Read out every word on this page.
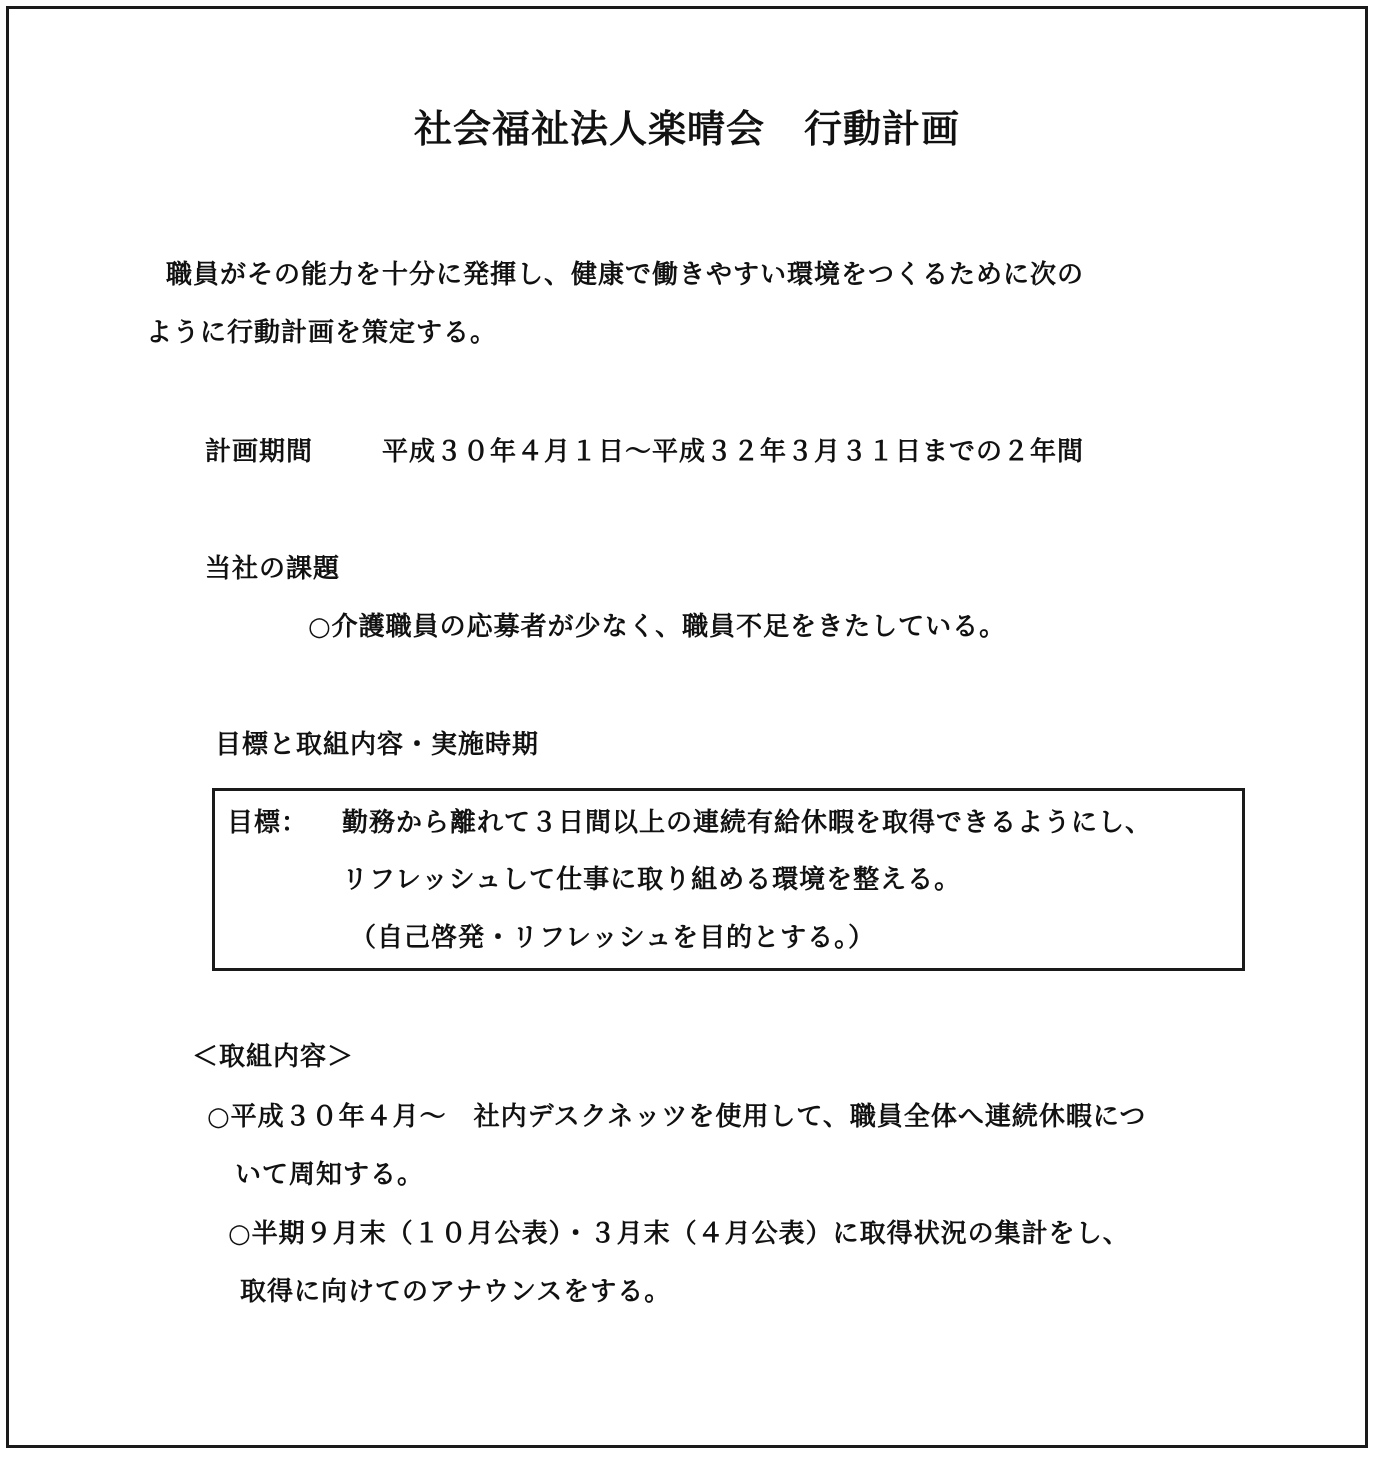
社会福祉法人楽晴会　行動計画
職員がその能力を十分に発揮し、健康で働きやすい環境をつくるために次の
ように行動計画を策定する。
計画期間	平成３０年４月１日～平成３２年３月３１日までの２年間
当社の課題
○介護職員の応募者が少なく、職員不足をきたしている。
目標と取組内容・実施時期
目標： 勤務から離れて３日間以上の連続有給休暇を取得できるようにし、
リフレッシュして仕事に取り組める環境を整える。
（自己啓発・リフレッシュを目的とする。）
＜取組内容＞
○平成３０年４月～　社内デスクネッツを使用して、職員全体へ連続休暇につ
いて周知する。
○半期９月末（１０月公表）・３月末（４月公表）に取得状況の集計をし、
取得に向けてのアナウンスをする。
